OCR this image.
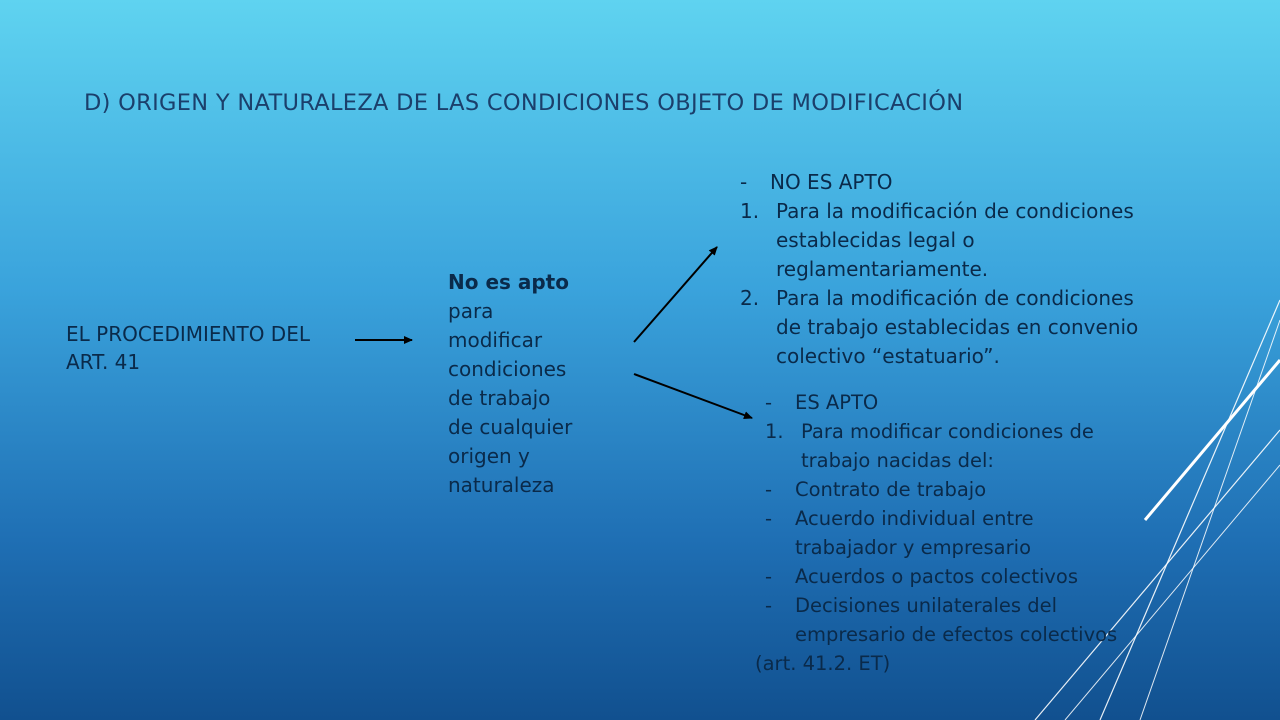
D) ORIGEN Y NATURALEZA DE LAS CONDICIONES OBJETO DE MODIFICACIÓN
EL PROCEDIMIENTO DEL ART. 41
No es apto
para
modificar
condiciones
de trabajo
de cualquier
origen y
naturaleza
-	NO ES APTO
1. Para la modificación de condiciones
establecidas legal o
reglamentariamente.
2. Para la modificación de condiciones
de trabajo establecidas en convenio
colectivo “estatuario”.
-	ES APTO
1. Para modificar condiciones de
trabajo nacidas del:
-	Contrato de trabajo
-	Acuerdo individual entre
trabajador y empresario
-	Acuerdos o pactos colectivos
-	Decisiones unilaterales del
empresario de efectos colectivos
(art. 41.2. ET)
